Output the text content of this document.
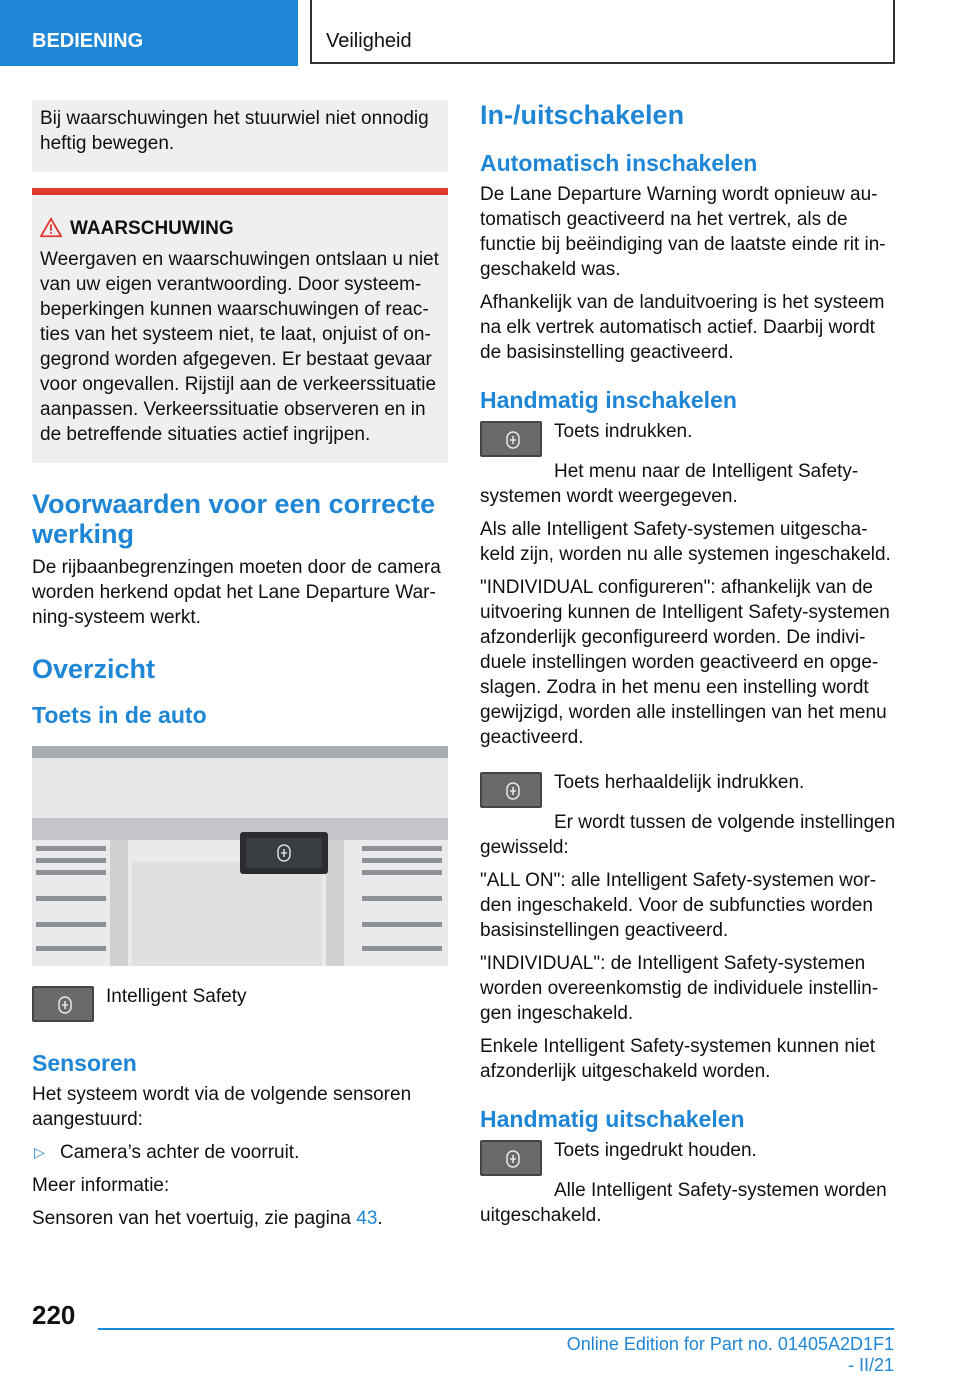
BEDIENING	Veiligheid

Bij waarschuwingen het stuurwiel niet onnodig heftig bewegen.

WAARSCHUWING

Weergaven en waarschuwingen ontslaan u niet van uw eigen verantwoording. Door systeembeperkingen kunnen waarschuwingen of reacties van het systeem niet, te laat, onjuist of ongegrond worden afgegeven. Er bestaat gevaar voor ongevallen. Rijstijl aan de verkeerssituatie aanpassen. Verkeerssituatie observeren en in de betreffende situaties actief ingrijpen.

Voorwaarden voor een correcte werking

De rijbaanbegrenzingen moeten door de camera worden herkend opdat het Lane Departure Warning-systeem werkt.

Overzicht
Toets in de auto

Intelligent Safety

Sensoren

Het systeem wordt via de volgende sensoren aangestuurd:

▷ Camera’s achter de voorruit.

Meer informatie:

Sensoren van het voertuig, zie pagina 43.

In-/uitschakelen
Automatisch inschakelen

De Lane Departure Warning wordt opnieuw automatisch geactiveerd na het vertrek, als de functie bij beëindiging van de laatste einde rit ingeschakeld was.

Afhankelijk van de landuitvoering is het systeem na elk vertrek automatisch actief. Daarbij wordt de basisinstelling geactiveerd.

Handmatig inschakelen

Toets indrukken.

Het menu naar de Intelligent Safety-systemen wordt weergegeven.

Als alle Intelligent Safety-systemen uitgeschakeld zijn, worden nu alle systemen ingeschakeld.

"INDIVIDUAL configureren": afhankelijk van de uitvoering kunnen de Intelligent Safety-systemen afzonderlijk geconfigureerd worden. De individuele instellingen worden geactiveerd en opgeslagen. Zodra in het menu een instelling wordt gewijzigd, worden alle instellingen van het menu geactiveerd.

Toets herhaaldelijk indrukken.

Er wordt tussen de volgende instellingen gewisseld:

"ALL ON": alle Intelligent Safety-systemen worden ingeschakeld. Voor de subfuncties worden basisinstellingen geactiveerd.

"INDIVIDUAL": de Intelligent Safety-systemen worden overeenkomstig de individuele instellingen ingeschakeld.

Enkele Intelligent Safety-systemen kunnen niet afzonderlijk uitgeschakeld worden.

Handmatig uitschakelen

Toets ingedrukt houden.

Alle Intelligent Safety-systemen worden uitgeschakeld.

220
Online Edition for Part no. 01405A2D1F1 - II/21
